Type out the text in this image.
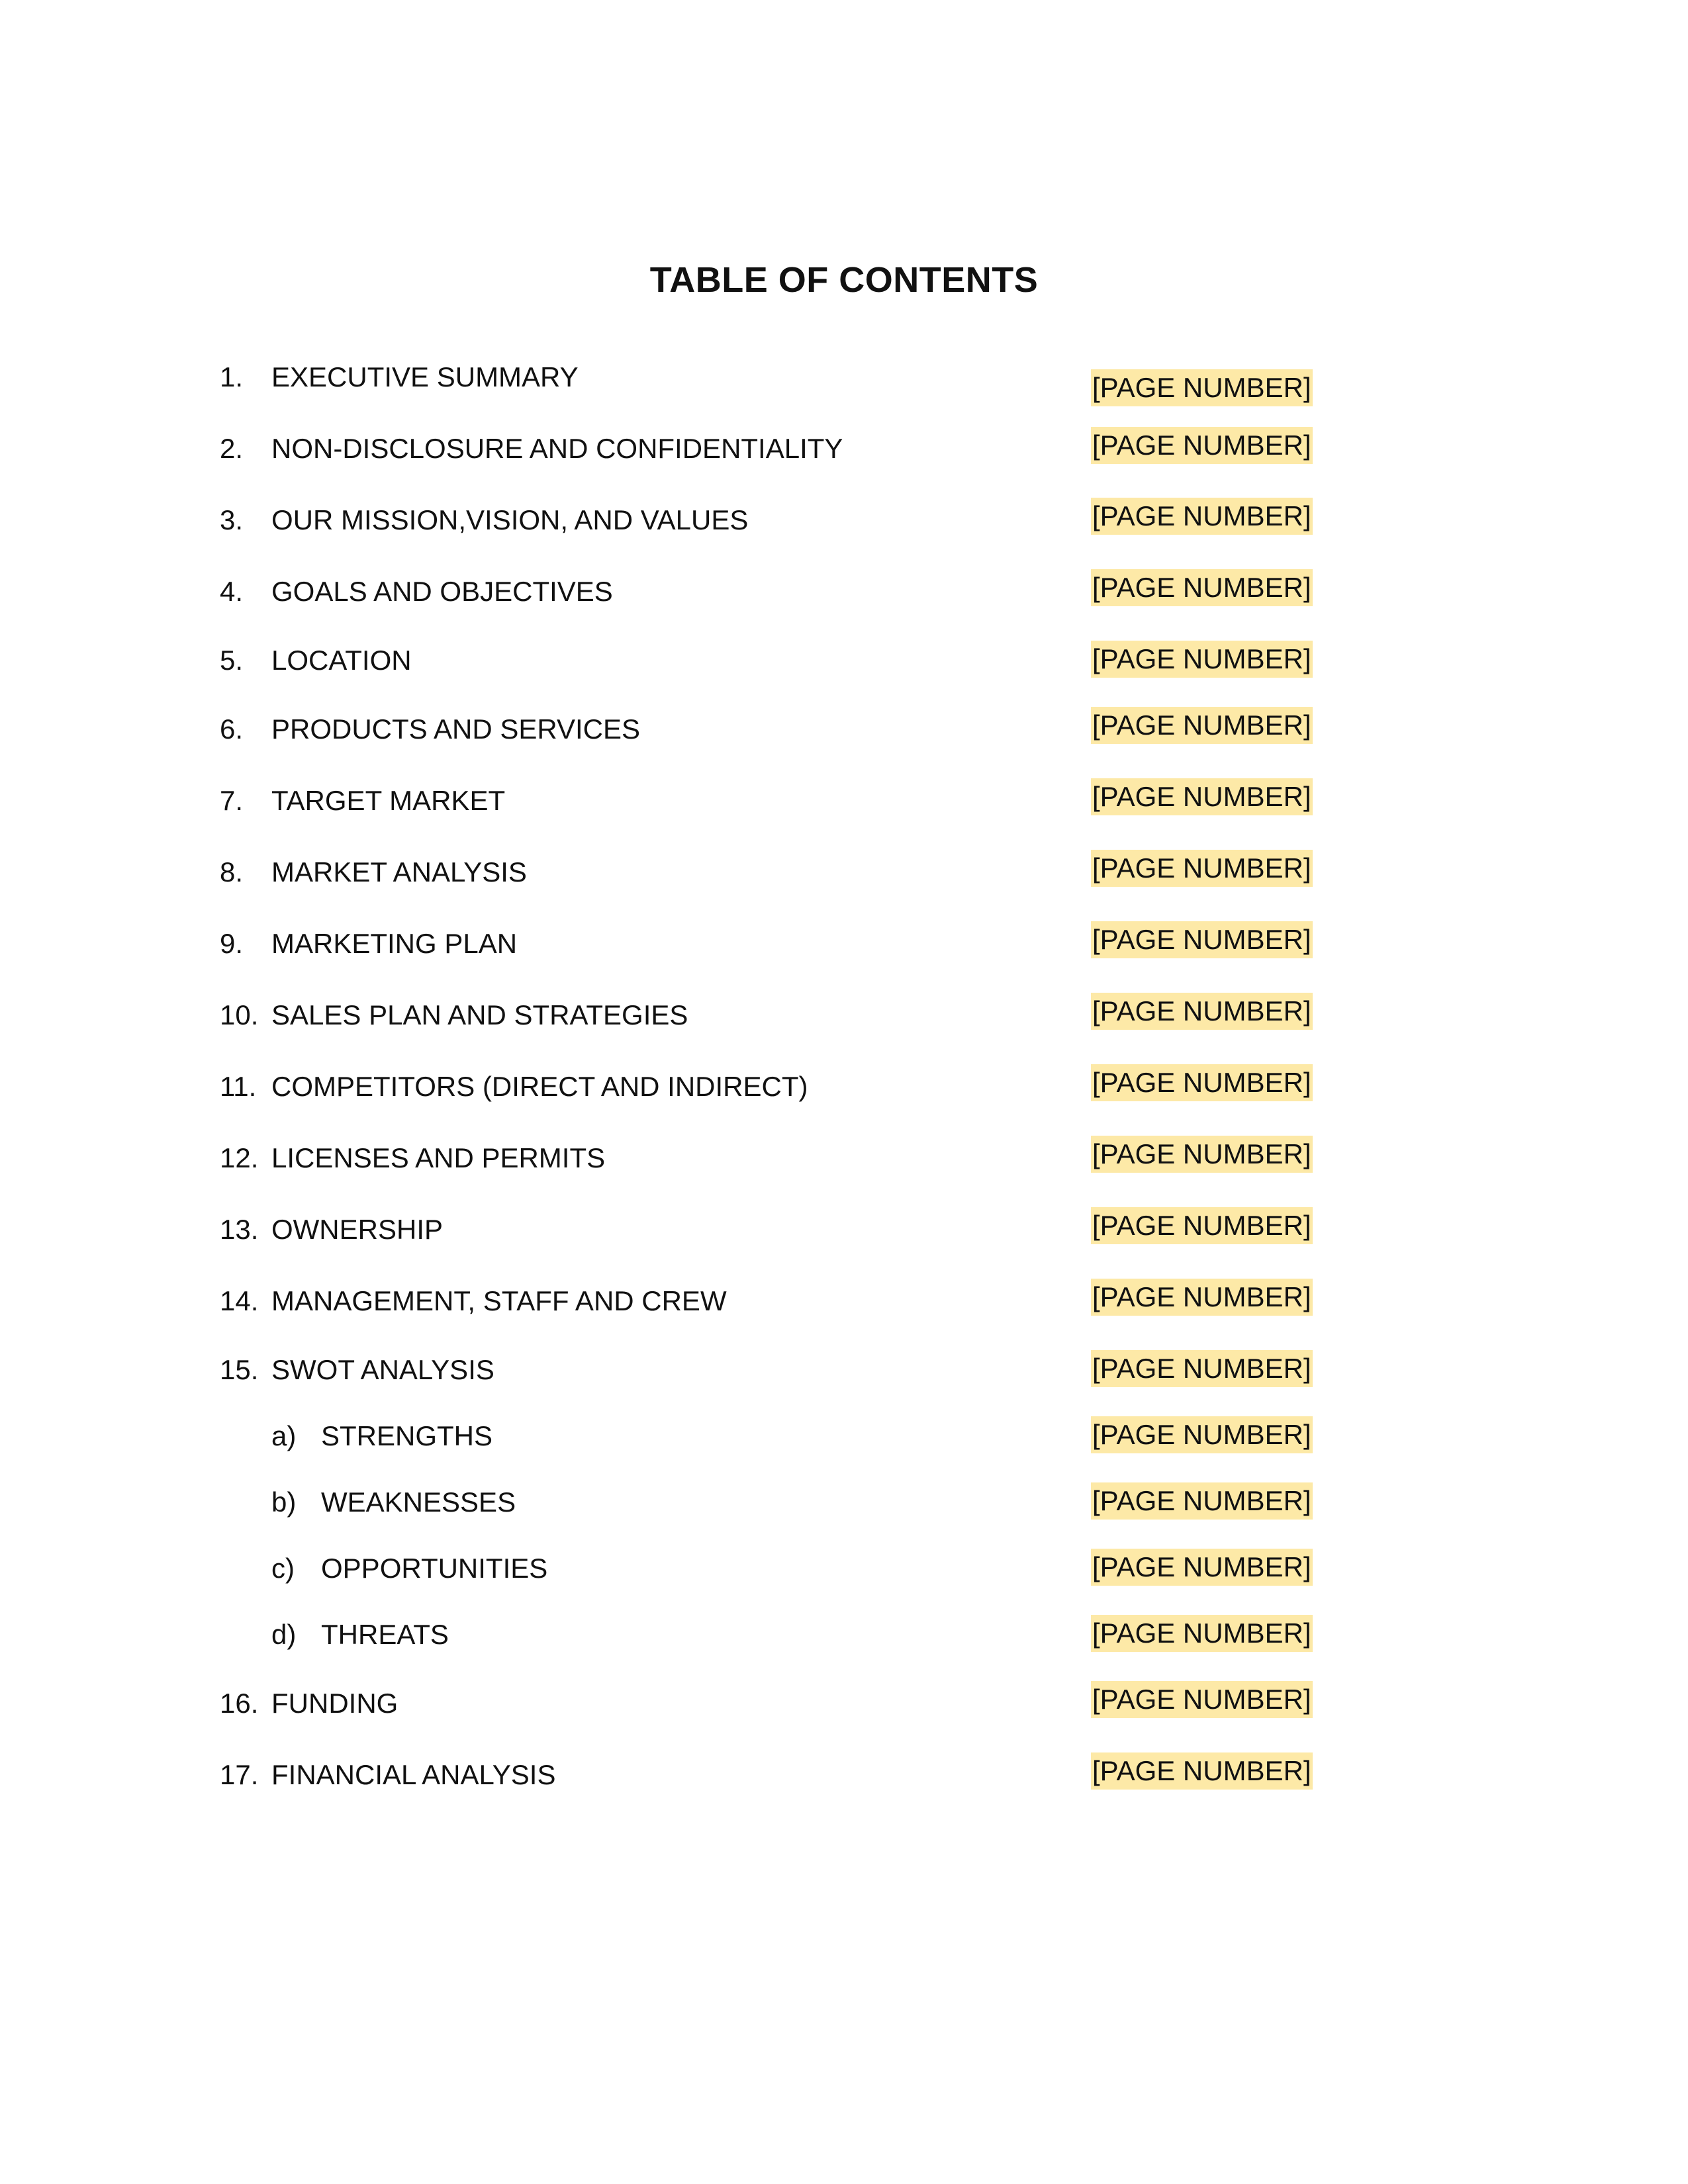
TABLE OF CONTENTS
1. EXECUTIVE SUMMARY	[PAGE NUMBER]
2. NON-DISCLOSURE AND CONFIDENTIALITY	[PAGE NUMBER]
3. OUR MISSION,VISION, AND VALUES	[PAGE NUMBER]
4. GOALS AND OBJECTIVES	[PAGE NUMBER]
5. LOCATION	[PAGE NUMBER]
6. PRODUCTS AND SERVICES	[PAGE NUMBER]
7. TARGET MARKET	[PAGE NUMBER]
8. MARKET ANALYSIS	[PAGE NUMBER]
9. MARKETING PLAN	[PAGE NUMBER]
10. SALES PLAN AND STRATEGIES	[PAGE NUMBER]
11. COMPETITORS (DIRECT AND INDIRECT)	[PAGE NUMBER]
12. LICENSES AND PERMITS	[PAGE NUMBER]
13. OWNERSHIP	[PAGE NUMBER]
14. MANAGEMENT, STAFF AND CREW	[PAGE NUMBER]
15. SWOT ANALYSIS	[PAGE NUMBER]
a) STRENGTHS	[PAGE NUMBER]
b) WEAKNESSES	[PAGE NUMBER]
c) OPPORTUNITIES	[PAGE NUMBER]
d) THREATS	[PAGE NUMBER]
16. FUNDING	[PAGE NUMBER]
17. FINANCIAL ANALYSIS	[PAGE NUMBER]
